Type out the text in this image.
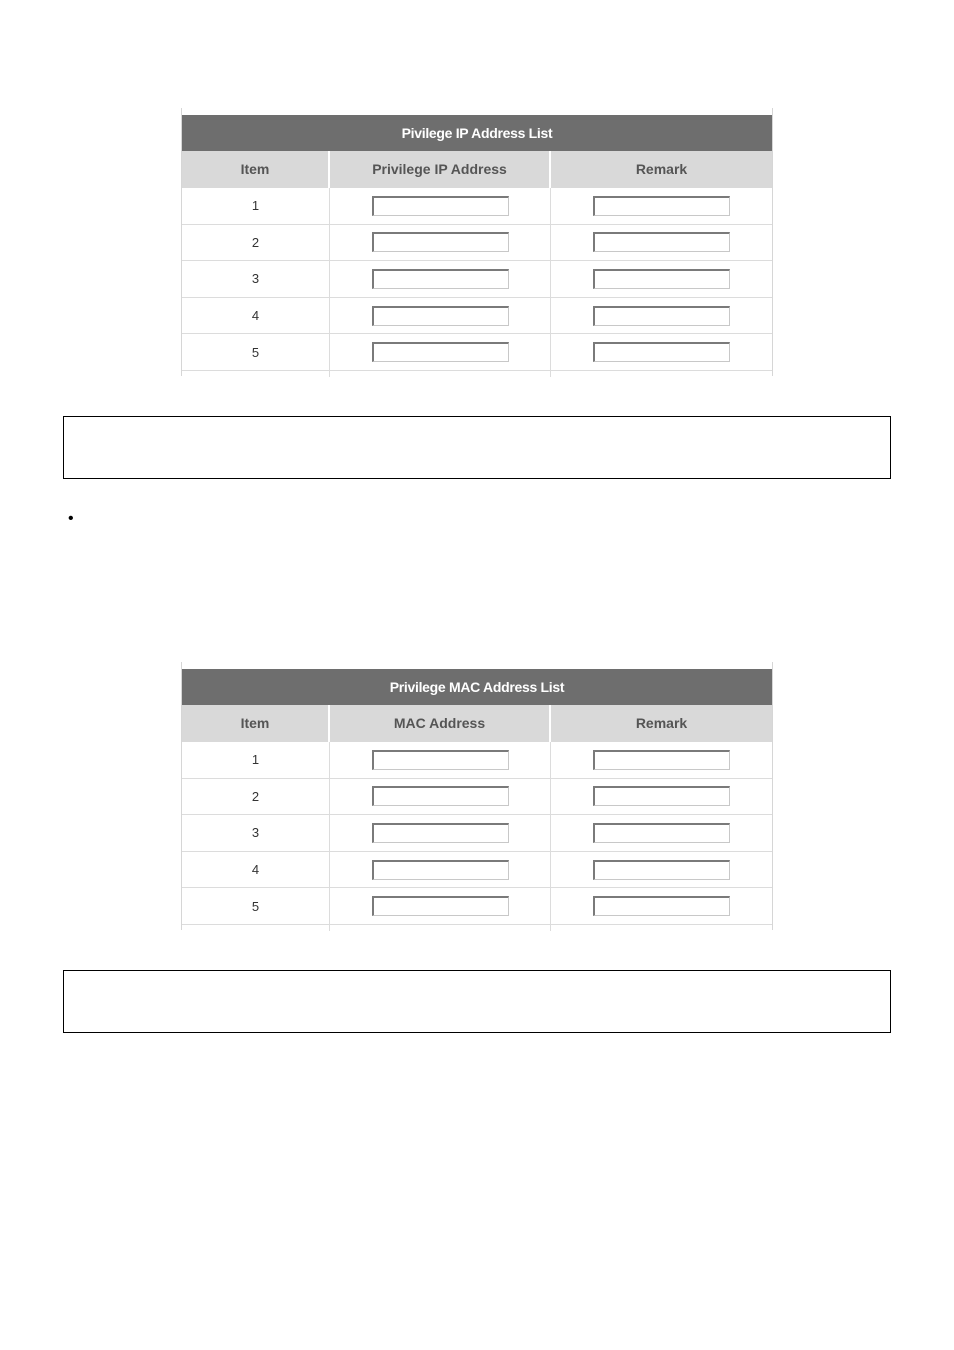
Pivilege IP Address List
Item	Privilege IP Address	Remark
1
2
3
4
5
•
Privilege MAC Address List
Item	MAC Address	Remark
1
2
3
4
5
